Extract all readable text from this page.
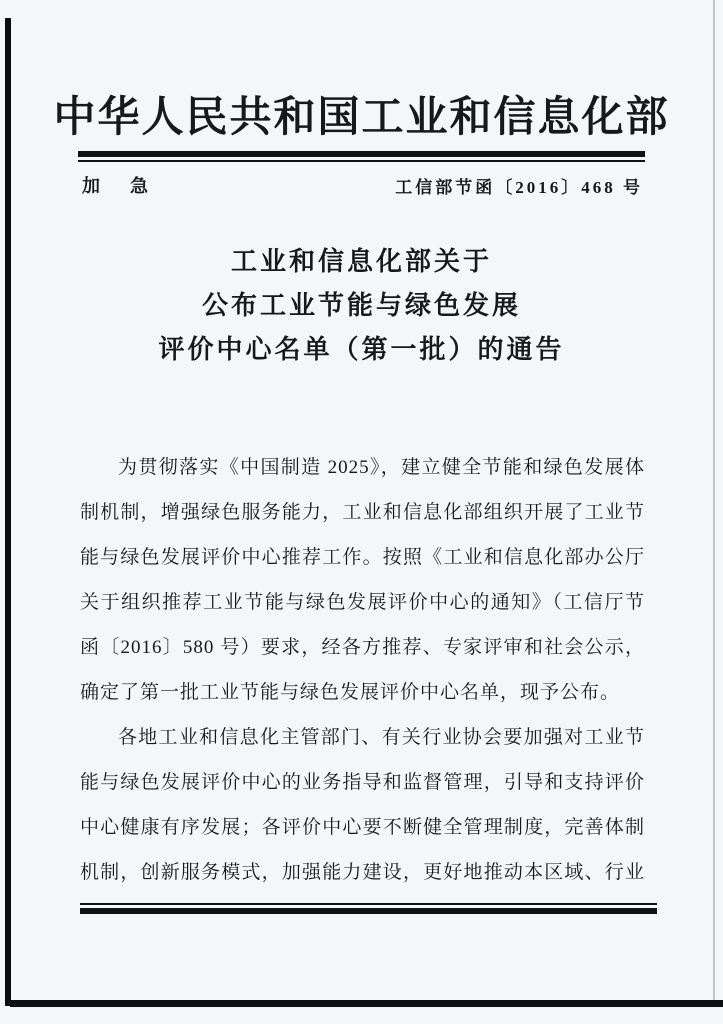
中华人民共和国工业和信息化部
加　急	工信部节函〔2016〕468 号
工业和信息化部关于
公布工业节能与绿色发展
评价中心名单（第一批）的通告
为贯彻落实《中国制造 2025》，建立健全节能和绿色发展体
制机制，增强绿色服务能力，工业和信息化部组织开展了工业节
能与绿色发展评价中心推荐工作。按照《工业和信息化部办公厅
关于组织推荐工业节能与绿色发展评价中心的通知》（工信厅节
函〔2016〕580 号）要求，经各方推荐、专家评审和社会公示，
确定了第一批工业节能与绿色发展评价中心名单，现予公布。
各地工业和信息化主管部门、有关行业协会要加强对工业节
能与绿色发展评价中心的业务指导和监督管理，引导和支持评价
中心健康有序发展；各评价中心要不断健全管理制度，完善体制
机制，创新服务模式，加强能力建设，更好地推动本区域、行业
